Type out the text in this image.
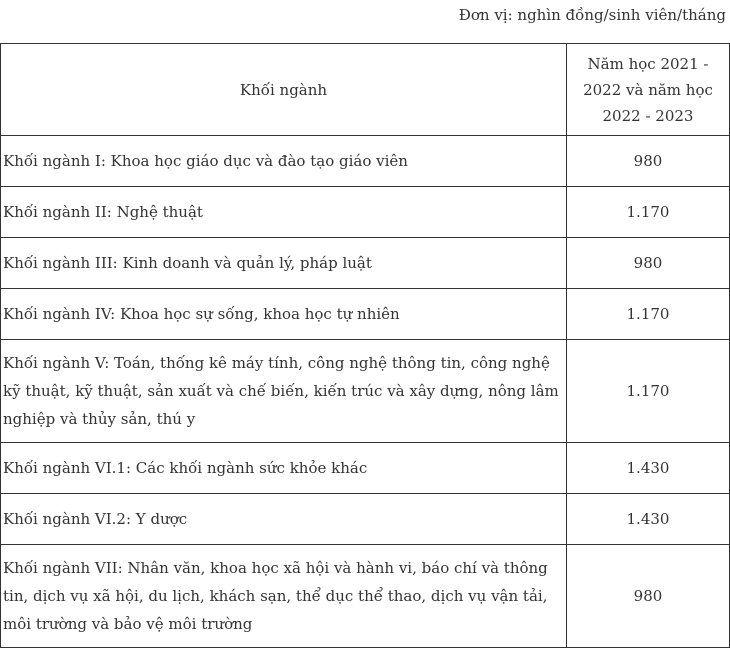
Đơn vị: nghìn đồng/sinh viên/tháng
Khối ngành	Năm học 2021 - 2022 và năm học 2022 - 2023
Khối ngành I: Khoa học giáo dục và đào tạo giáo viên	980
Khối ngành II: Nghệ thuật	1.170
Khối ngành III: Kinh doanh và quản lý, pháp luật	980
Khối ngành IV: Khoa học sự sống, khoa học tự nhiên	1.170
Khối ngành V: Toán, thống kê máy tính, công nghệ thông tin, công nghệ kỹ thuật, kỹ thuật, sản xuất và chế biến, kiến trúc và xây dựng, nông lâm nghiệp và thủy sản, thú y	1.170
Khối ngành VI.1: Các khối ngành sức khỏe khác	1.430
Khối ngành VI.2: Y dược	1.430
Khối ngành VII: Nhân văn, khoa học xã hội và hành vi, báo chí và thông tin, dịch vụ xã hội, du lịch, khách sạn, thể dục thể thao, dịch vụ vận tải, môi trường và bảo vệ môi trường	980
